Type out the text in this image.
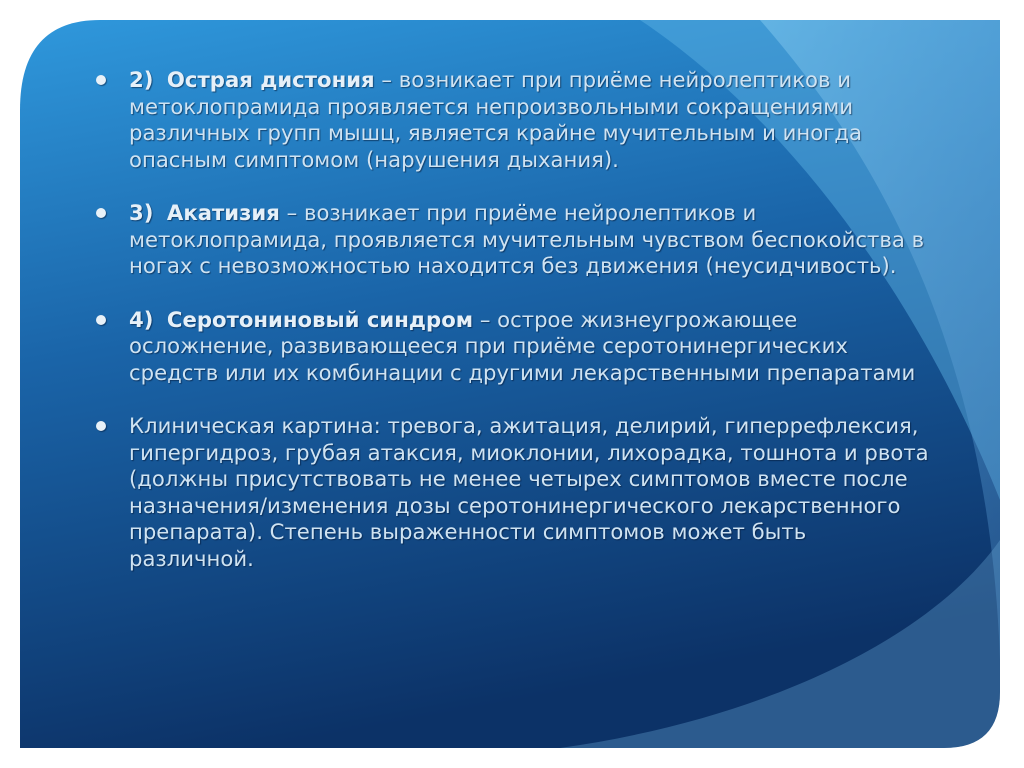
2) Острая дистония – возникает при приёме нейролептиков и метоклопрамида проявляется непроизвольными сокращениями различных групп мышц, является крайне мучительным и иногда опасным симптомом (нарушения дыхания).
3) Акатизия – возникает при приёме нейролептиков и метоклопрамида, проявляется мучительным чувством беспокойства в ногах с невозможностью находится без движения (неусидчивость).
4) Серотониновый синдром – острое жизнеугрожающее осложнение, развивающееся при приёме серотонинергических средств или их комбинации с другими лекарственными препаратами
Клиническая картина: тревога, ажитация, делирий, гиперрефлексия, гипергидроз, грубая атаксия, миоклонии, лихорадка, тошнота и рвота (должны присутствовать не менее четырех симптомов вместе после назначения/изменения дозы серотонинергического лекарственного препарата). Степень выраженности симптомов может быть различной.
